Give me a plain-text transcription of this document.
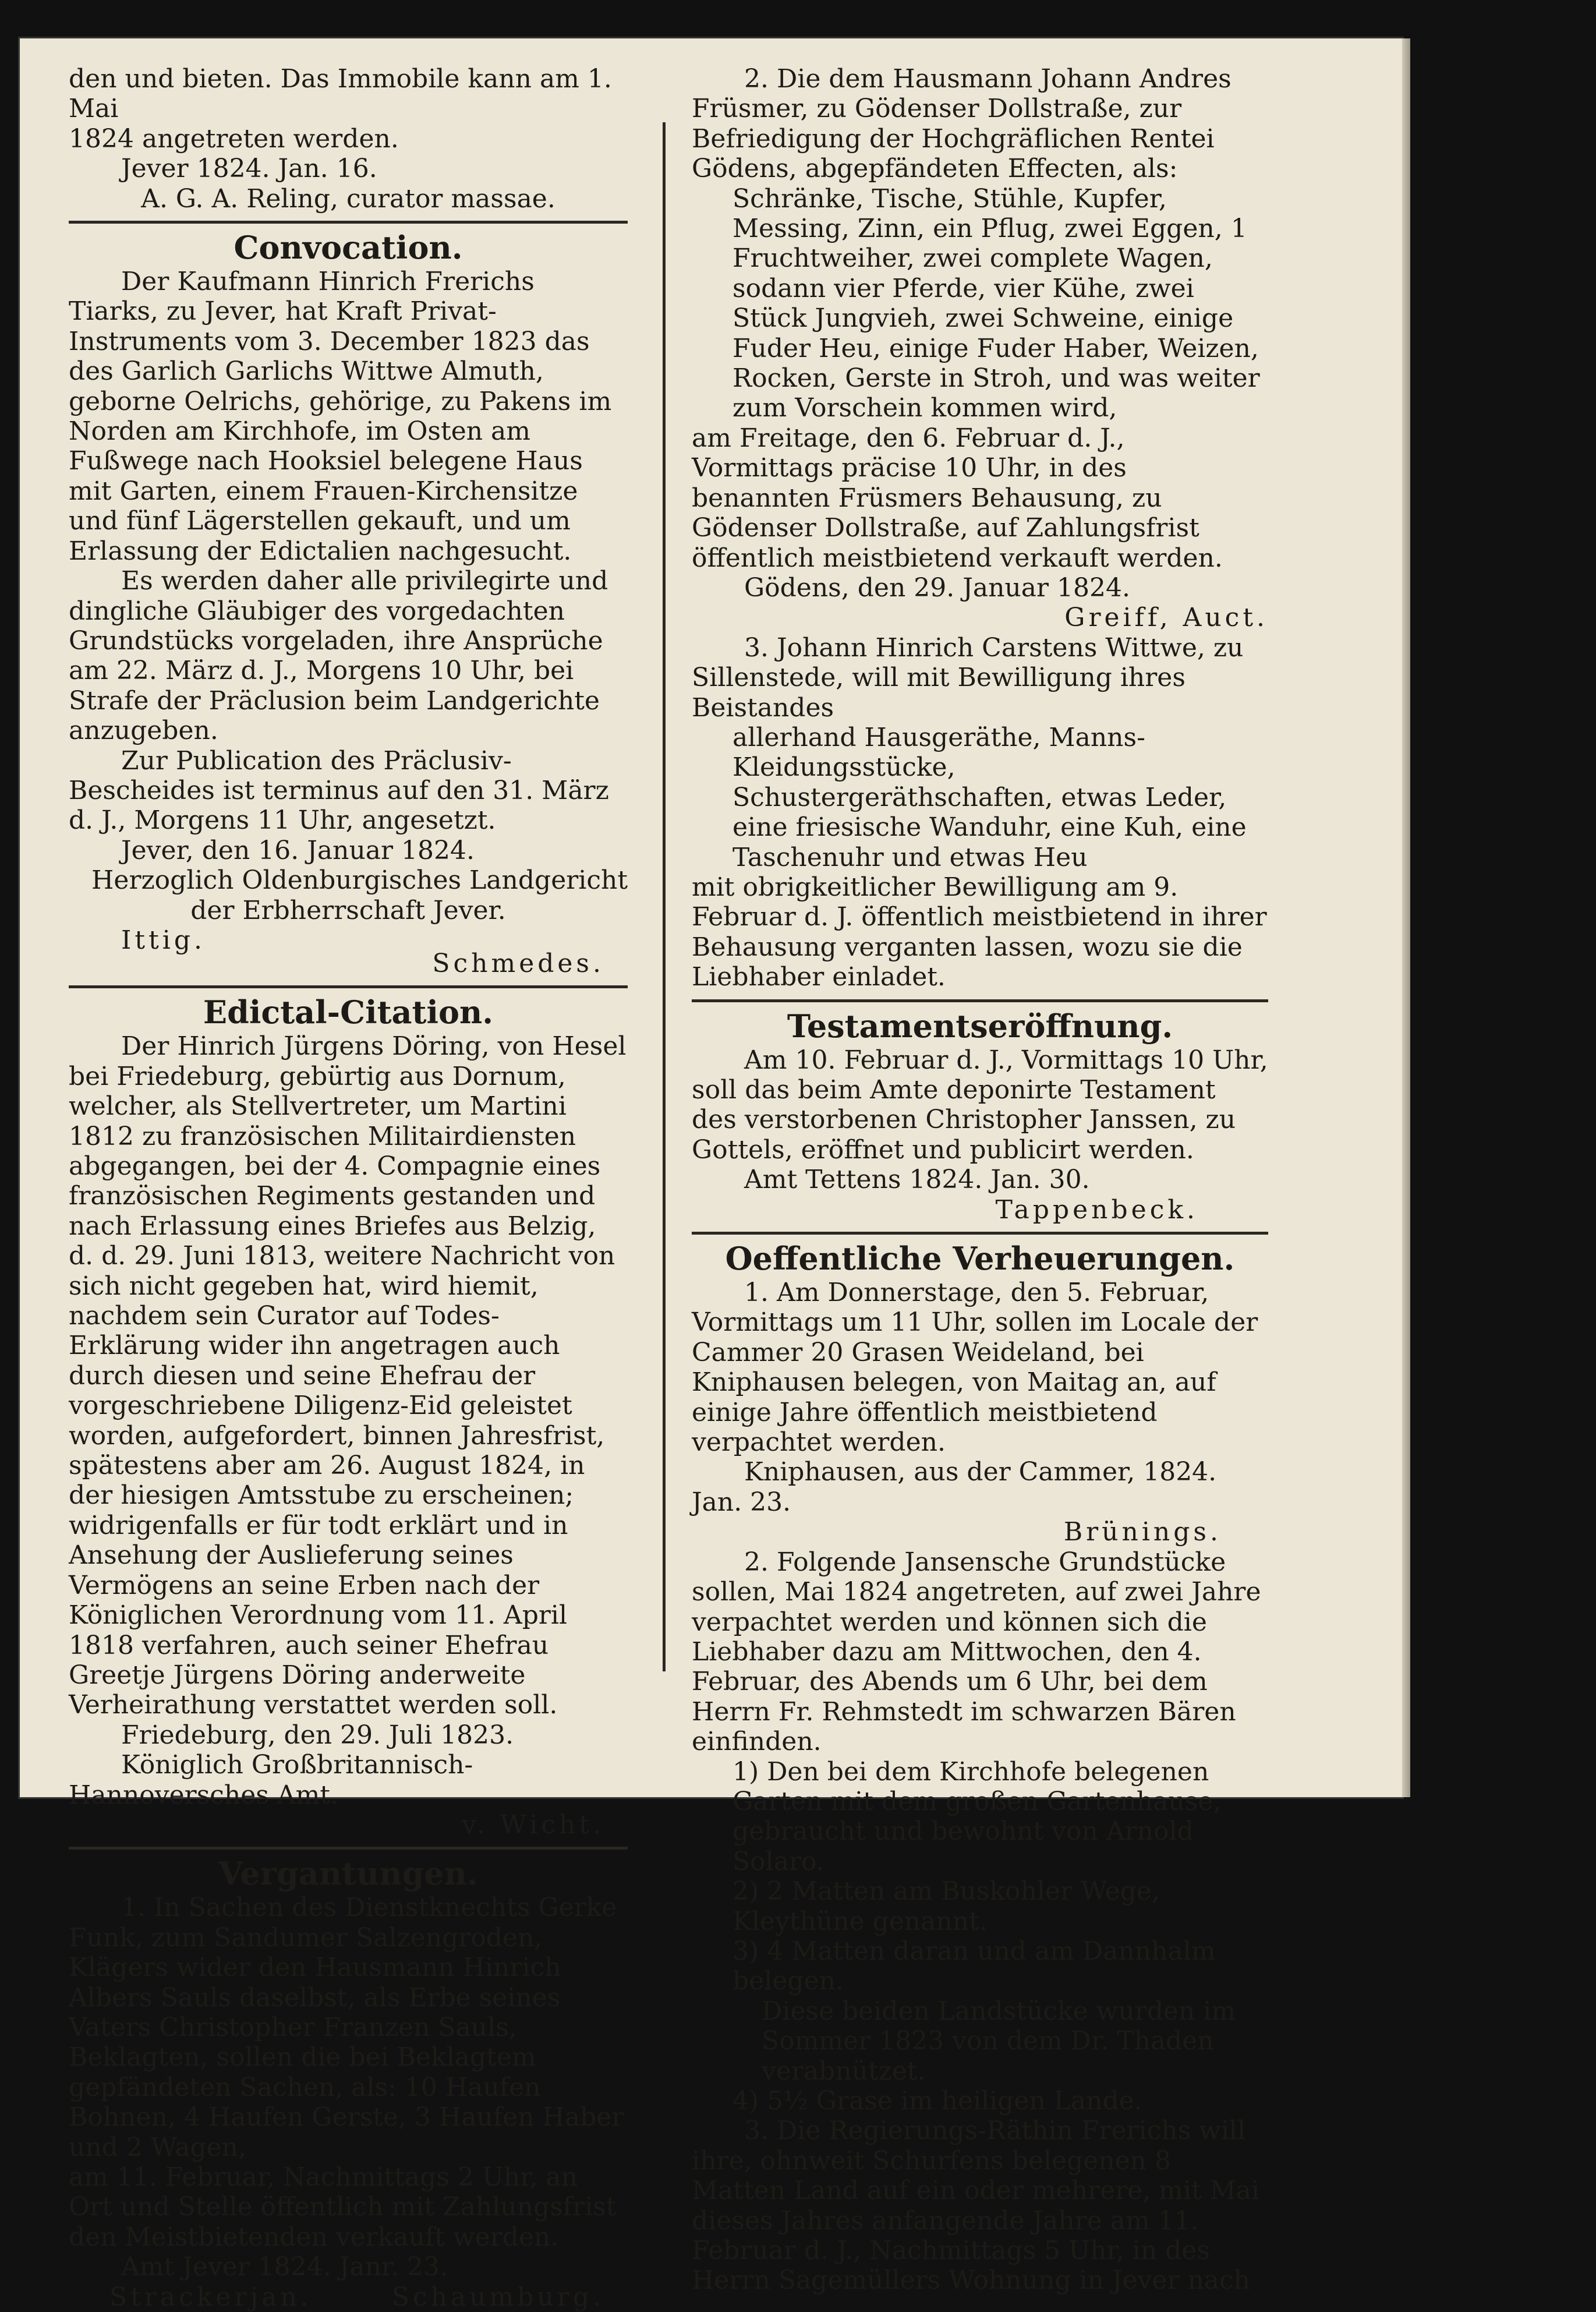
den und bieten. Das Immobile kann am 1. Mai
1824 angetreten werden.
Jever 1824. Jan. 16.
A. G. A. Reling, curator massae.
Convocation.

Der Kaufmann Hinrich Frerichs Tiarks, zu Jever, hat Kraft Privat-Instruments vom 3. December 1823 das des Garlich Garlichs Wittwe Almuth, geborne Oelrichs, gehörige, zu Pakens im Norden am Kirchhofe, im Osten am Fußwege nach Hooksiel belegene Haus mit Garten, einem Frauen-Kirchensitze und fünf Lägerstellen gekauft, und um Erlassung der Edictalien nachgesucht.

Es werden daher alle privilegirte und dingliche Gläubiger des vorgedachten Grundstücks vorgeladen, ihre Ansprüche am 22. März d. J., Morgens 10 Uhr, bei Strafe der Präclusion beim Landgerichte anzugeben.

Zur Publication des Präclusiv-Bescheides ist terminus auf den 31. März d. J., Morgens 11 Uhr, angesetzt.

Jever, den 16. Januar 1824.
Herzoglich Oldenburgisches Landgericht
der Erbherrschaft Jever.
Ittig.
Schmedes.
Edictal-Citation.

Der Hinrich Jürgens Döring, von Hesel bei Friedeburg, gebürtig aus Dornum, welcher, als Stellvertreter, um Martini 1812 zu französischen Militairdiensten abgegangen, bei der 4. Compagnie eines französischen Regiments gestanden und nach Erlassung eines Briefes aus Belzig, d. d. 29. Juni 1813, weitere Nachricht von sich nicht gegeben hat, wird hiemit, nachdem sein Curator auf Todes-Erklärung wider ihn angetragen auch durch diesen und seine Ehefrau der vorgeschriebene Diligenz-Eid geleistet worden, aufgefordert, binnen Jahresfrist, spätestens aber am 26. August 1824, in der hiesigen Amtsstube zu erscheinen; widrigenfalls er für todt erklärt und in Ansehung der Auslieferung seines Vermögens an seine Erben nach der Königlichen Verordnung vom 11. April 1818 verfahren, auch seiner Ehefrau Greetje Jürgens Döring anderweite Verheirathung verstattet werden soll.

Friedeburg, den 29. Juli 1823.
Königlich Großbritannisch-Hannoversches Amt.
v. Wicht.
Vergantungen.

1. In Sachen des Dienstknechts Gerke Funk, zum Sandumer Salzengroden, Klägers wider den Hausmann Hinrich Albers Sauls daselbst, als Erbe seines Vaters Christopher Franzen Sauls, Beklagten, sollen die bei Beklagtem gepfändeten Sachen, als: 10 Haufen Bohnen, 4 Haufen Gerste, 3 Haufen Haber und 2 Wagen,

am 11. Februar, Nachmittags 2 Uhr, an Ort und Stelle öffentlich mit Zahlungsfrist den Meistbietenden verkauft werden.

Amt Jever 1824. Janr. 23.
Strackerjan.	Schaumburg.

2. Die dem Hausmann Johann Andres Früsmer, zu Gödenser Dollstraße, zur Befriedigung der Hochgräflichen Rentei Gödens, abgepfändeten Effecten, als:

Schränke, Tische, Stühle, Kupfer, Messing, Zinn, ein Pflug, zwei Eggen, 1 Fruchtweiher, zwei complete Wagen, sodann vier Pferde, vier Kühe, zwei Stück Jungvieh, zwei Schweine, einige Fuder Heu, einige Fuder Haber, Weizen, Rocken, Gerste in Stroh, und was weiter zum Vorschein kommen wird,

am Freitage, den 6. Februar d. J., Vormittags präcise 10 Uhr, in des benannten Früsmers Behausung, zu Gödenser Dollstraße, auf Zahlungsfrist öffentlich meistbietend verkauft werden.

Gödens, den 29. Januar 1824.
Greiff, Auct.

3. Johann Hinrich Carstens Wittwe, zu Sillenstede, will mit Bewilligung ihres Beistandes

allerhand Hausgeräthe, Manns-Kleidungsstücke, Schustergeräthschaften, etwas Leder, eine friesische Wanduhr, eine Kuh, eine Taschenuhr und etwas Heu

mit obrigkeitlicher Bewilligung am 9. Februar d. J. öffentlich meistbietend in ihrer Behausung verganten lassen, wozu sie die Liebhaber einladet.

Testamentseröffnung.

Am 10. Februar d. J., Vormittags 10 Uhr, soll das beim Amte deponirte Testament des verstorbenen Christopher Janssen, zu Gottels, eröffnet und publicirt werden.

Amt Tettens 1824. Jan. 30.
Tappenbeck.
Oeffentliche Verheuerungen.

1. Am Donnerstage, den 5. Februar, Vormittags um 11 Uhr, sollen im Locale der Cammer 20 Grasen Weideland, bei Kniphausen belegen, von Maitag an, auf einige Jahre öffentlich meistbietend verpachtet werden.

Kniphausen, aus der Cammer, 1824. Jan. 23.
Brünings.

2. Folgende Jansensche Grundstücke sollen, Mai 1824 angetreten, auf zwei Jahre verpachtet werden und können sich die Liebhaber dazu am Mittwochen, den 4. Februar, des Abends um 6 Uhr, bei dem Herrn Fr. Rehmstedt im schwarzen Bären einfinden.

1) Den bei dem Kirchhofe belegenen Garten mit dem großen Gartenhause, gebraucht und bewohnt von Arnold Solaro.

2) 2 Matten am Buskohler Wege, Kleythüne genannt.

3) 4 Matten daran und am Dannhalm belegen.

Diese beiden Landstücke wurden im Sommer 1823 von dem Dr. Thaden verabnützet.

4) 5½ Grase im heiligen Lande.

3. Die Regierungs-Räthin Frerichs will ihre, ohnweit Schurfens belegenen 8 Matten Land auf ein oder mehrere, mit Mai dieses Jahres anfangende Jahre am 11. Februar d. J., Nachmittags 5 Uhr, in des Herrn Sagemüllers Wohnung in Jever nach
